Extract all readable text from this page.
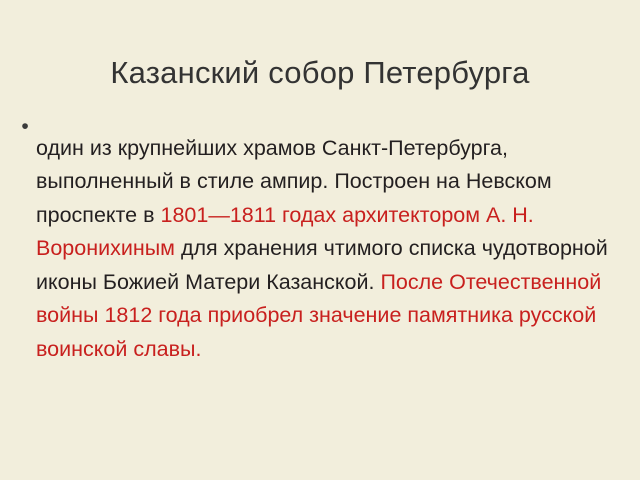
Казанский собор Петербурга
•

один из крупнейших храмов Санкт-Петербурга, выполненный в стиле ампир. Построен на Невском проспекте в 1801—1811 годах архитектором А. Н. Воронихиным для хранения чтимого списка чудотворной иконы Божией Матери Казанской. После Отечественной войны 1812 года приобрел значение памятника русской воинской славы.
